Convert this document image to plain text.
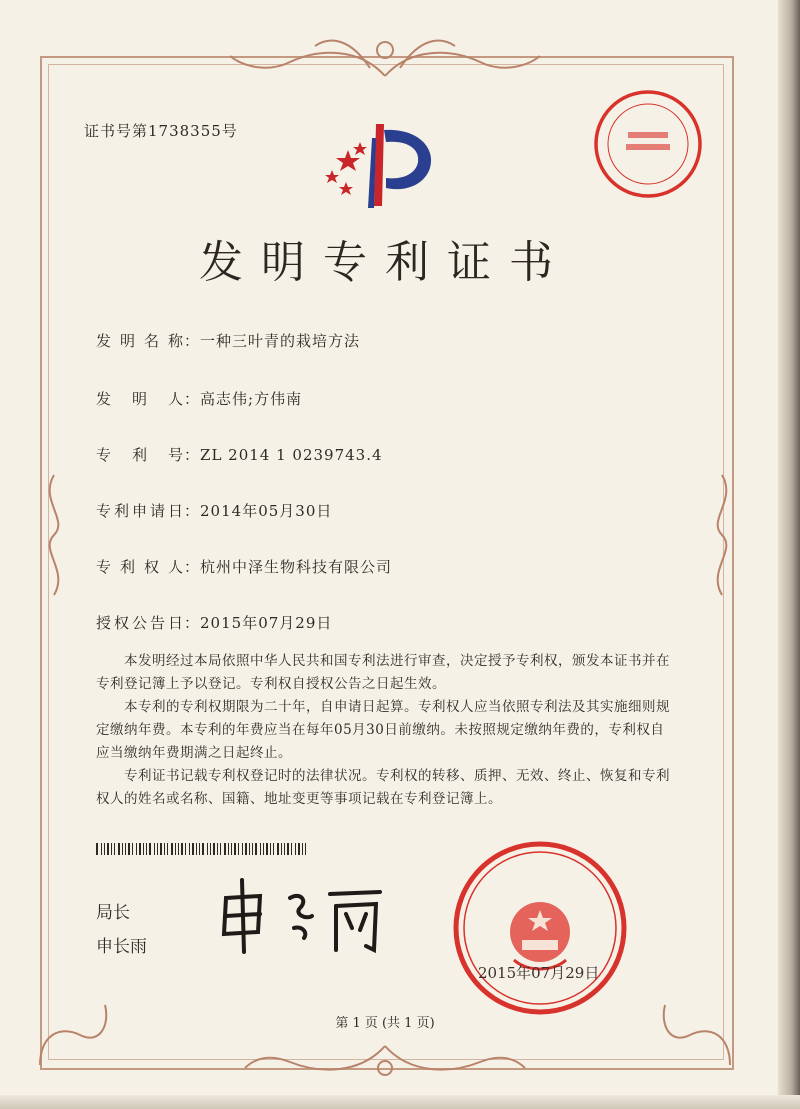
证书号第1738355号
发明专利证书
发明名称：一种三叶青的栽培方法
发明人：高志伟;方伟南
专利号：ZL 2014 1 0239743.4
专利申请日：2014年05月30日
专利权人：杭州中泽生物科技有限公司
授权公告日：2015年07月29日

本发明经过本局依照中华人民共和国专利法进行审查，决定授予专利权，颁发本证书并在专利登记簿上予以登记。专利权自授权公告之日起生效。

本专利的专利权期限为二十年，自申请日起算。专利权人应当依照专利法及其实施细则规定缴纳年费。本专利的年费应当在每年05月30日前缴纳。未按照规定缴纳年费的，专利权自应当缴纳年费期满之日起终止。

专利证书记载专利权登记时的法律状况。专利权的转移、质押、无效、终止、恢复和专利权人的姓名或名称、国籍、地址变更等事项记载在专利登记簿上。

局长
申长雨
2015年07月29日
第 1 页 (共 1 页)
